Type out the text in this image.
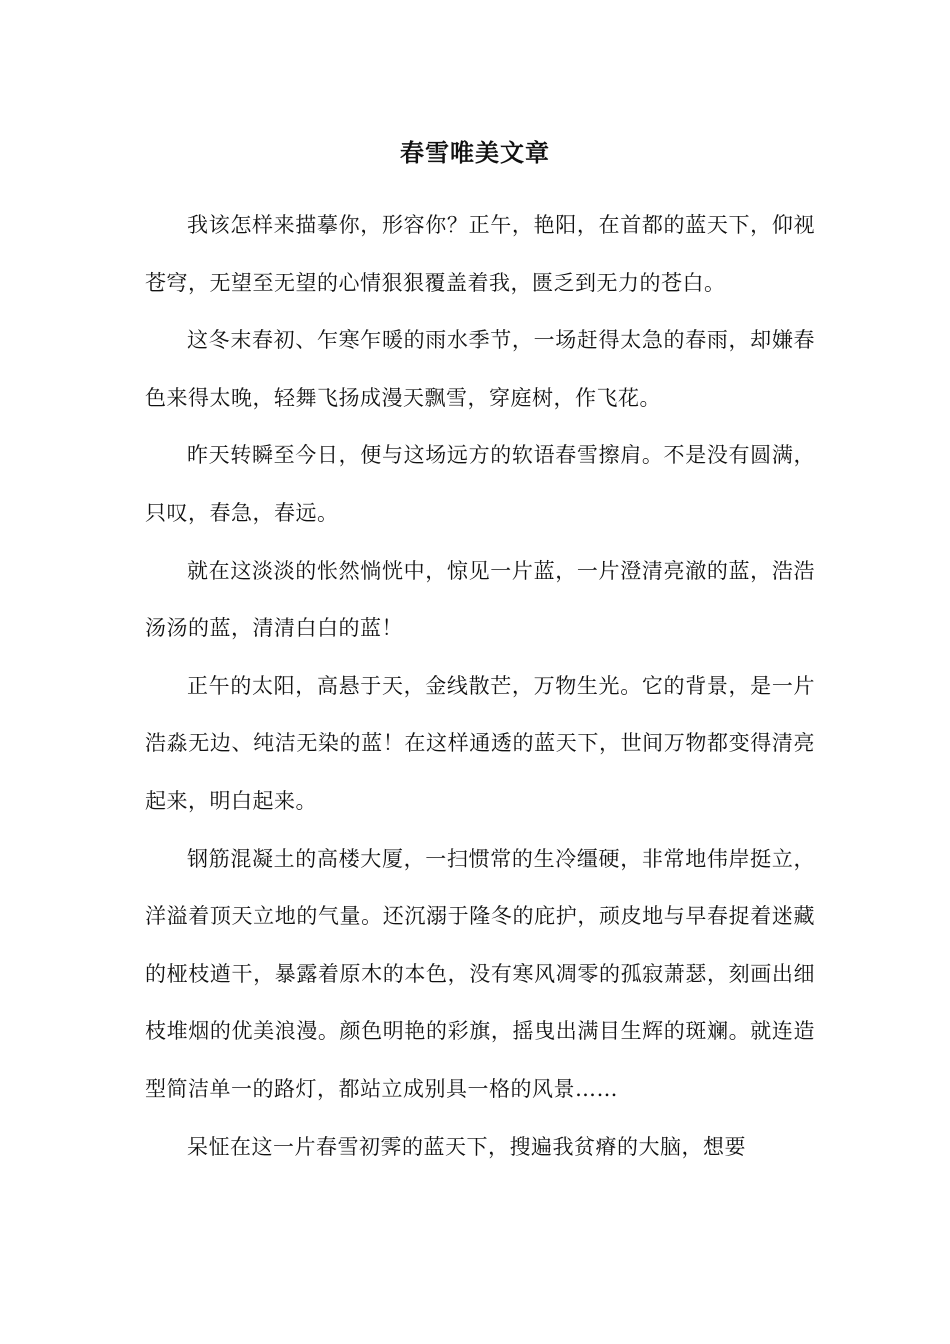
春雪唯美文章

我该怎样来描摹你，形容你？正午，艳阳，在首都的蓝天下，仰视苍穹，无望至无望的心情狠狠覆盖着我，匮乏到无力的苍白。

这冬末春初、乍寒乍暖的雨水季节，一场赶得太急的春雨，却嫌春色来得太晚，轻舞飞扬成漫天飘雪，穿庭树，作飞花。

昨天转瞬至今日，便与这场远方的软语春雪擦肩。不是没有圆满，只叹，春急，春远。

就在这淡淡的怅然惝恍中，惊见一片蓝，一片澄清亮澈的蓝，浩浩汤汤的蓝，清清白白的蓝！

正午的太阳，高悬于天，金线散芒，万物生光。它的背景，是一片浩淼无边、纯洁无染的蓝！在这样通透的蓝天下，世间万物都变得清亮起来，明白起来。

钢筋混凝土的高楼大厦，一扫惯常的生冷缰硬，非常地伟岸挺立，洋溢着顶天立地的气量。还沉溺于隆冬的庇护，顽皮地与早春捉着迷藏的桠枝遒干，暴露着原木的本色，没有寒风凋零的孤寂萧瑟，刻画出细枝堆烟的优美浪漫。颜色明艳的彩旗，摇曳出满目生辉的斑斓。就连造型简洁单一的路灯，都站立成别具一格的风景……

呆怔在这一片春雪初霁的蓝天下，搜遍我贫瘠的大脑，想要
